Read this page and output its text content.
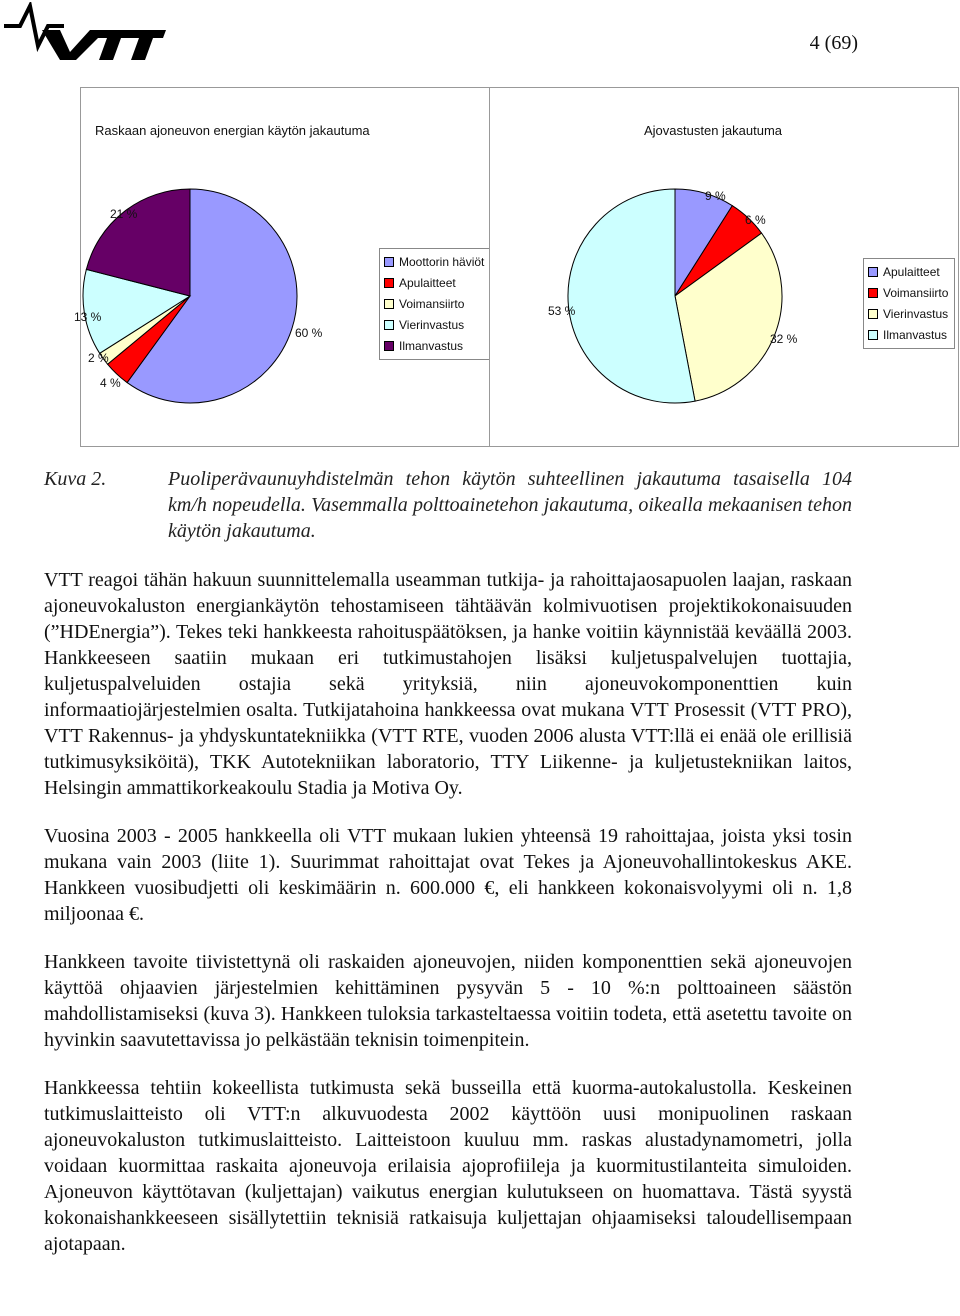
4 (69)
Raskaan ajoneuvon energian käytön jakautuma
21 %
13 %
60 %
2 %
4 %
Moottorin häviöt
Apulaitteet
Voimansiirto
Vierinvastus
Ilmanvastus
Ajovastusten jakautuma
9 %
6 %
53 %
32 %
Apulaitteet
Voimansiirto
Vierinvastus
Ilmanvastus
Kuva 2.	Puoliperävaunuyhdistelmän tehon käytön suhteellinen jakautuma tasaisella 104 km/h nopeudella. Vasemmalla polttoainetehon jakautuma, oikealla mekaanisen tehon käytön jakautuma.

VTT reagoi tähän hakuun suunnittelemalla useamman tutkija- ja rahoittajaosapuolen laajan, raskaan ajoneuvokaluston energiankäytön tehostamiseen tähtäävän kolmivuotisen projektikokonaisuuden (”HDEnergia”). Tekes teki hankkeesta rahoituspäätöksen, ja hanke voitiin käynnistää keväällä 2003. Hankkeeseen saatiin mukaan eri tutkimustahojen lisäksi kuljetuspalvelujen tuottajia, kuljetuspalveluiden ostajia sekä yrityksiä, niin ajoneuvokomponenttien kuin informaatiojärjestelmien osalta. Tutkijatahoina hankkeessa ovat mukana VTT Prosessit (VTT PRO), VTT Rakennus- ja yhdyskuntatekniikka (VTT RTE, vuoden 2006 alusta VTT:llä ei enää ole erillisiä tutkimusyksiköitä), TKK Autotekniikan laboratorio, TTY Liikenne- ja kuljetustekniikan laitos, Helsingin ammattikorkeakoulu Stadia ja Motiva Oy.

Vuosina 2003 - 2005 hankkeella oli VTT mukaan lukien yhteensä 19 rahoittajaa, joista yksi tosin mukana vain 2003 (liite 1). Suurimmat rahoittajat ovat Tekes ja Ajoneuvohallintokeskus AKE. Hankkeen vuosibudjetti oli keskimäärin n. 600.000 €, eli hankkeen kokonaisvolyymi oli n. 1,8 miljoonaa €.

Hankkeen tavoite tiivistettynä oli raskaiden ajoneuvojen, niiden komponenttien sekä ajoneuvojen käyttöä ohjaavien järjestelmien kehittäminen pysyvän 5 - 10 %:n polttoaineen säästön mahdollistamiseksi (kuva 3). Hankkeen tuloksia tarkasteltaessa voitiin todeta, että asetettu tavoite on hyvinkin saavutettavissa jo pelkästään teknisin toimenpitein.

Hankkeessa tehtiin kokeellista tutkimusta sekä busseilla että kuorma-autokalustolla. Keskeinen tutkimuslaitteisto oli VTT:n alkuvuodesta 2002 käyttöön uusi monipuolinen raskaan ajoneuvokaluston tutkimuslaitteisto. Laitteistoon kuuluu mm. raskas alustadynamometri, jolla voidaan kuormittaa raskaita ajoneuvoja erilaisia ajoprofiileja ja kuormitustilanteita simuloiden. Ajoneuvon käyttötavan (kuljettajan) vaikutus energian kulutukseen on huomattava. Tästä syystä kokonaishankkeeseen sisällytettiin teknisiä ratkaisuja kuljettajan ohjaamiseksi taloudellisempaan ajotapaan.
